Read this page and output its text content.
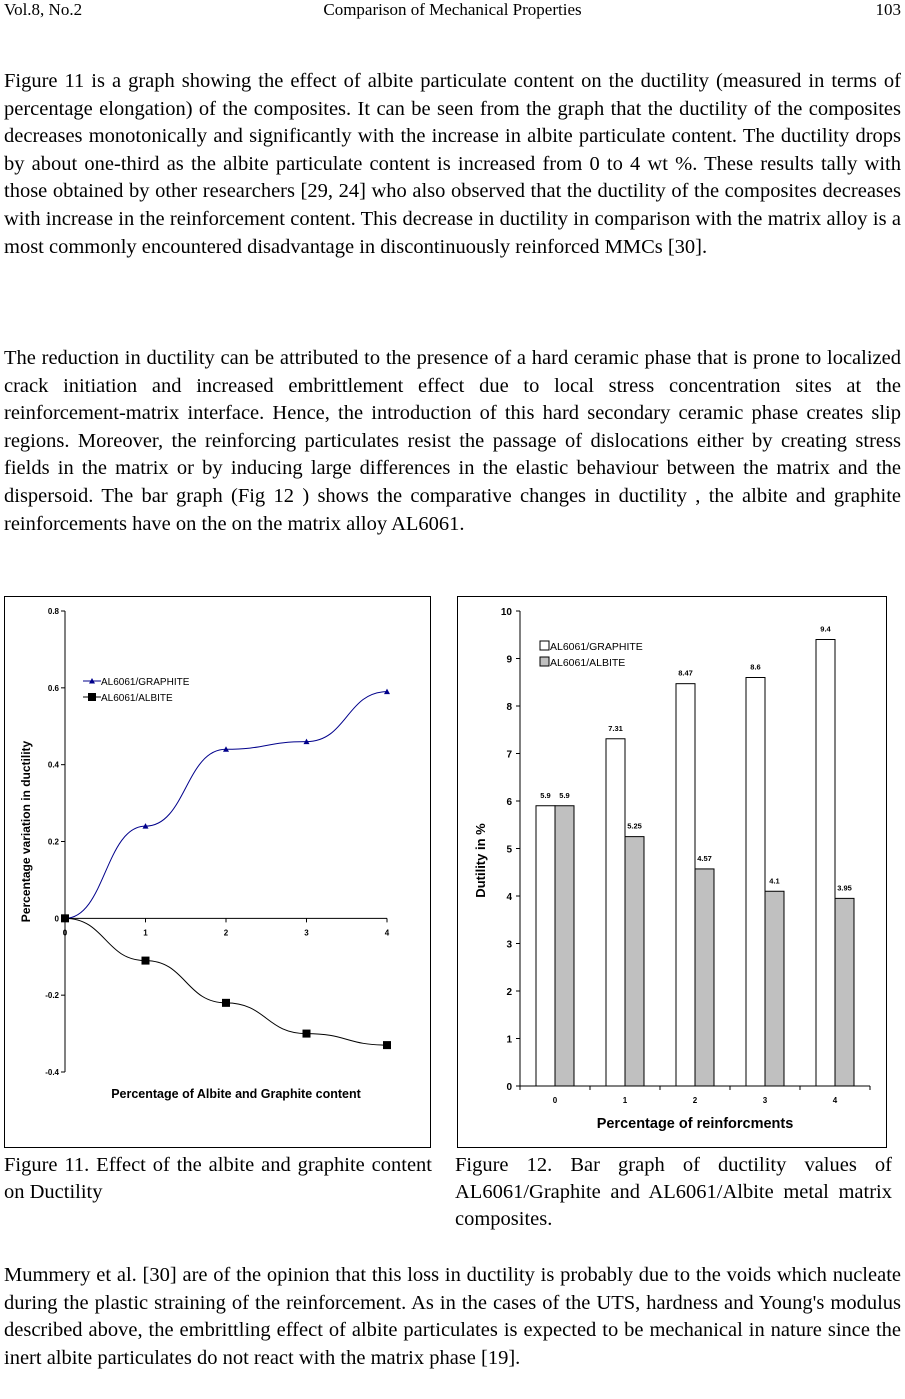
Vol.8, No.2	Comparison of Mechanical Properties	103

Figure 11 is a graph showing the effect of albite particulate content on the ductility (measured in terms of percentage elongation) of the composites. It can be seen from the graph that the ductility of the composites decreases monotonically and significantly with the increase in albite particulate content. The ductility drops by about one-third as the albite particulate content is increased from 0 to 4 wt %. These results tally with those obtained by other researchers [29, 24] who also observed that the ductility of the composites decreases with increase in the reinforcement content. This decrease in ductility in comparison with the matrix alloy is a most commonly encountered disadvantage in discontinuously reinforced MMCs [30].

The reduction in ductility can be attributed to the presence of a hard ceramic phase that is prone to localized crack initiation and increased embrittlement effect due to local stress concentration sites at the reinforcement-matrix interface. Hence, the introduction of this hard secondary ceramic phase creates slip regions. Moreover, the reinforcing particulates resist the passage of dislocations either by creating stress fields in the matrix or by inducing large differences in the elastic behaviour between the matrix and the dispersoid. The bar graph (Fig 12 ) shows the comparative changes in ductility , the albite and graphite reinforcements have on the on the matrix alloy AL6061.

0.8
0.6
0.4
0.2
0
-0.2
-0.4
0	1	2	3	4
Percentage variation in ductility
Percentage of Albite and Graphite content
AL6061/GRAPHITE
AL6061/ALBITE
10
9
8
7
6
5
4
3
2
1
0
0
5.9 5.9
1
7.31
5.25
2
8.47
4.57
3
8.6
4.1
4
9.4
3.95
Dutility in %
Percentage of reinforcments
AL6061/GRAPHITE
AL6061/ALBITE

Figure 11. Effect of the albite and graphite content on Ductility

Figure 12. Bar graph of ductility values of AL6061/Graphite and AL6061/Albite metal matrix composites.

Mummery et al. [30] are of the opinion that this loss in ductility is probably due to the voids which nucleate during the plastic straining of the reinforcement. As in the cases of the UTS, hardness and Young's modulus described above, the embrittling effect of albite particulates is expected to be mechanical in nature since the inert albite particulates do not react with the matrix phase [19].
